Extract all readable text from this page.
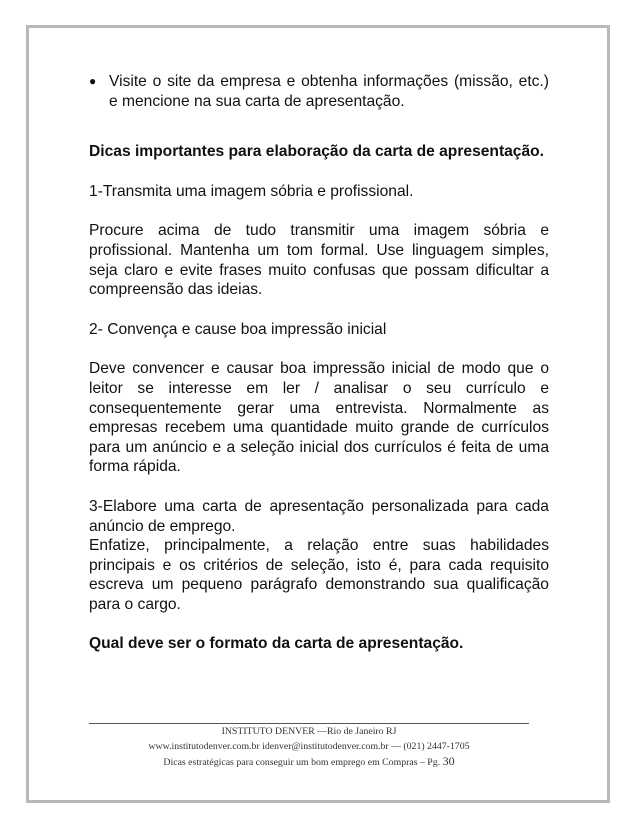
● Visite o site da empresa e obtenha informações (missão, etc.) e mencione na sua carta de apresentação.
Dicas importantes para elaboração da carta de apresentação.
1-Transmita uma imagem sóbria e profissional.
Procure acima de tudo transmitir uma imagem sóbria e profissional. Mantenha um tom formal. Use linguagem simples, seja claro e evite frases muito confusas que possam dificultar a compreensão das ideias.
2- Convença e cause boa impressão inicial
Deve convencer e causar boa impressão inicial de modo que o leitor se interesse em ler / analisar o seu currículo e consequentemente gerar uma entrevista. Normalmente as empresas recebem uma quantidade muito grande de currículos para um anúncio e a seleção inicial dos currículos é feita de uma forma rápida.
3-Elabore uma carta de apresentação personalizada para cada anúncio de emprego.
Enfatize, principalmente, a relação entre suas habilidades principais e os critérios de seleção, isto é, para cada requisito escreva um pequeno parágrafo demonstrando sua qualificação para o cargo.
Qual deve ser o formato da carta de apresentação.
INSTITUTO DENVER —Rio de Janeiro RJ
www.institutodenver.com.br idenver@institutodenver.com.br — (021) 2447-1705
Dicas estratégicas para conseguir um bom emprego em Compras – Pg. 30
